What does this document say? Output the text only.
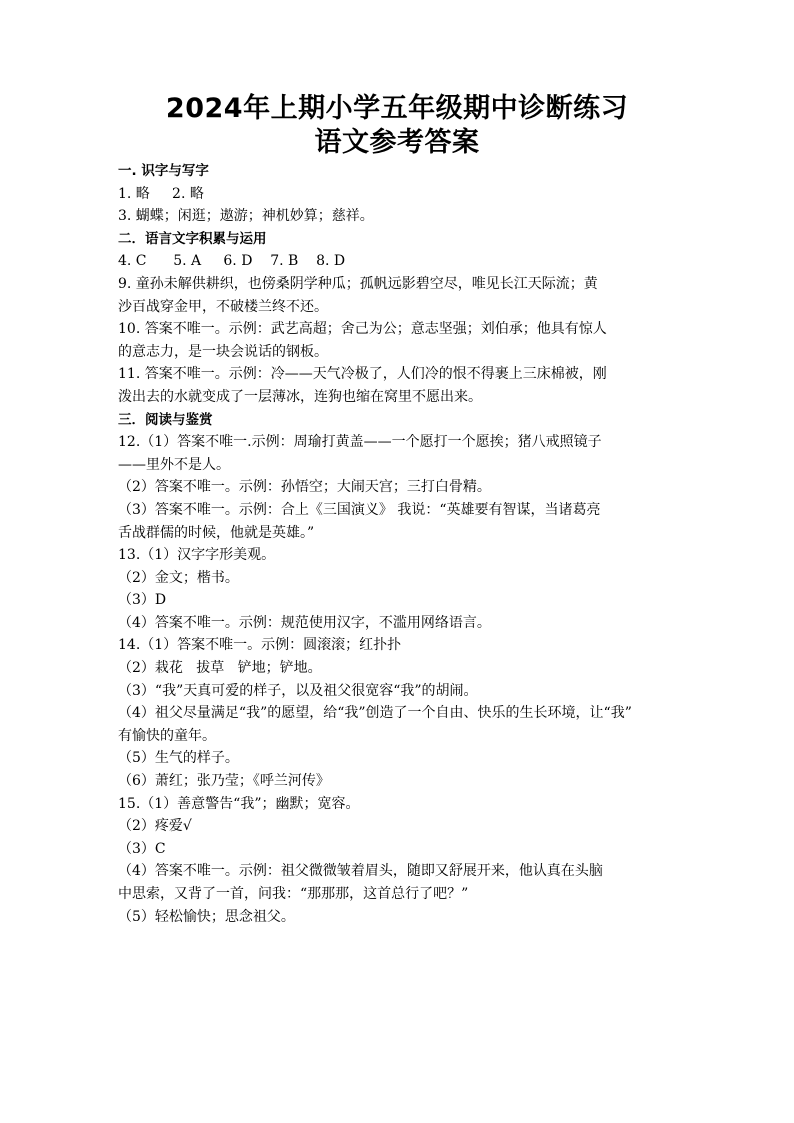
2024年上期小学五年级期中诊断练习
语文参考答案
一. 识字与写字
1. 略     2. 略
3. 蝴蝶；闲逛；遨游；神机妙算；慈祥。
二．语言文字积累与运用
4. C      5. A     6. D    7. B    8. D
9. 童孙未解供耕织，也傍桑阴学种瓜；孤帆远影碧空尽，唯见长江天际流；黄
沙百战穿金甲，不破楼兰终不还。
10. 答案不唯一。示例：武艺高超；舍己为公；意志坚强；刘伯承；他具有惊人
的意志力，是一块会说话的钢板。
11. 答案不唯一。示例：冷——天气冷极了，人们冷的恨不得裹上三床棉被，刚
泼出去的水就变成了一层薄冰，连狗也缩在窝里不愿出来。
三．阅读与鉴赏
12.（1）答案不唯一.示例：周瑜打黄盖——一个愿打一个愿挨；猪八戒照镜子
——里外不是人。
（2）答案不唯一。示例：孙悟空；大闹天宫；三打白骨精。
（3）答案不唯一。示例：合上《三国演义》 我说：“英雄要有智谋，当诸葛亮
舌战群儒的时候，他就是英雄。”
13.（1）汉字字形美观。
（2）金文；楷书。
（3）D
（4）答案不唯一。示例：规范使用汉字，不滥用网络语言。
14.（1）答案不唯一。示例：圆滚滚；红扑扑
（2）栽花   拔草   铲地；铲地。
（3）“我”天真可爱的样子，以及祖父很宽容“我”的胡闹。
（4）祖父尽量满足“我”的愿望，给“我”创造了一个自由、快乐的生长环境，让“我”
有愉快的童年。
（5）生气的样子。
（6）萧红；张乃莹；《呼兰河传》
15.（1）善意警告“我”；幽默；宽容。
（2）疼爱√
（3）C
（4）答案不唯一。示例：祖父微微皱着眉头，随即又舒展开来，他认真在头脑
中思索，又背了一首，问我：“那那那，这首总行了吧？”
（5）轻松愉快；思念祖父。
